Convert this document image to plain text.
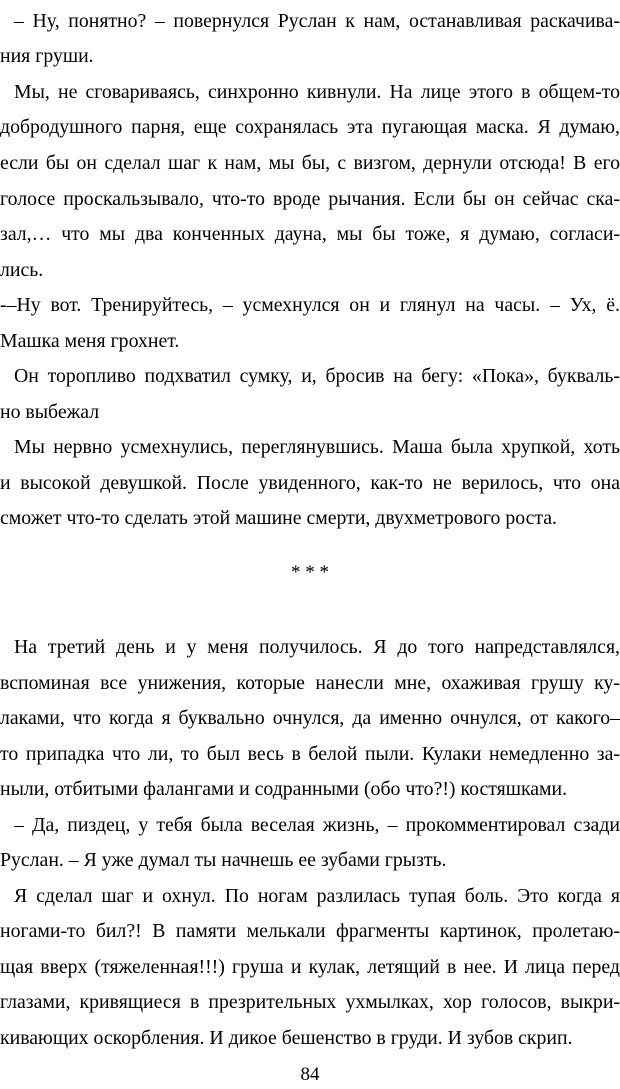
– Ну, понятно? – повернулся Руслан к нам, останавливая раскачива-
ния груши.
Мы, не сговариваясь, синхронно кивнули. На лице этого в общем-то
добродушного парня, еще сохранялась эта пугающая маска. Я думаю,
если бы он сделал шаг к нам, мы бы, с визгом, дернули отсюда! В его
голосе проскальзывало, что-то вроде рычания. Если бы он сейчас ска-
зал,… что мы два конченных дауна, мы бы тоже, я думаю, согласи-
лись.
-–Ну вот. Тренируйтесь, – усмехнулся он и глянул на часы. – Ух, ё.
Машка меня грохнет.
Он торопливо подхватил сумку, и, бросив на бегу: «Пока», букваль-
но выбежал
Мы нервно усмехнулись, переглянувшись. Маша была хрупкой, хоть
и высокой девушкой. После увиденного, как-то не верилось, что она
сможет что-то сделать этой машине смерти, двухметрового роста.
* * *
На третий день и у меня получилось. Я до того напредставлялся,
вспоминая все унижения, которые нанесли мне, охаживая грушу ку-
лаками, что когда я буквально очнулся, да именно очнулся, от какого–
то припадка что ли, то был весь в белой пыли. Кулаки немедленно за-
ныли, отбитыми фалангами и содранными (обо что?!) костяшками.
– Да, пиздец, у тебя была веселая жизнь, – прокомментировал сзади
Руслан. – Я уже думал ты начнешь ее зубами грызть.
Я сделал шаг и охнул. По ногам разлилась тупая боль. Это когда я
ногами-то бил?! В памяти мелькали фрагменты картинок, пролетаю-
щая вверх (тяжеленная!!!) груша и кулак, летящий в нее. И лица перед
глазами, кривящиеся в презрительных ухмылках, хор голосов, выкри-
кивающих оскорбления. И дикое бешенство в груди. И зубов скрип.
84
